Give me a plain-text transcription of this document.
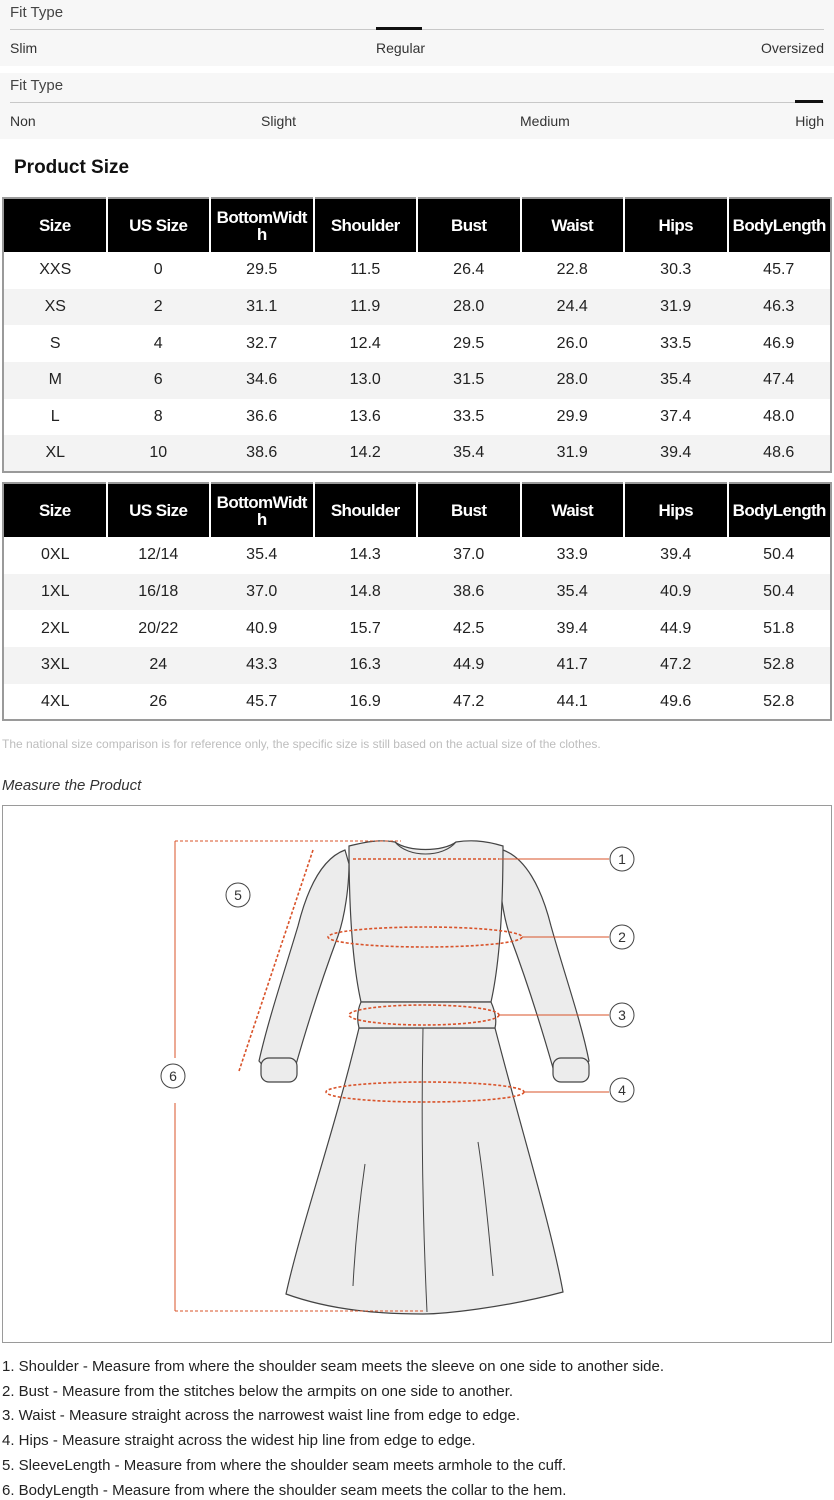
Fit Type
Slim	Regular	Oversized
Fit Type
Non	Slight	Medium	High
Product Size
Size	US Size	BottomWidth	Shoulder	Bust	Waist	Hips	BodyLength
XXS	0	29.5	11.5	26.4	22.8	30.3	45.7
XS	2	31.1	11.9	28.0	24.4	31.9	46.3
S	4	32.7	12.4	29.5	26.0	33.5	46.9
M	6	34.6	13.0	31.5	28.0	35.4	47.4
L	8	36.6	13.6	33.5	29.9	37.4	48.0
XL	10	38.6	14.2	35.4	31.9	39.4	48.6
Size	US Size	BottomWidth	Shoulder	Bust	Waist	Hips	BodyLength
0XL	12/14	35.4	14.3	37.0	33.9	39.4	50.4
1XL	16/18	37.0	14.8	38.6	35.4	40.9	50.4
2XL	20/22	40.9	15.7	42.5	39.4	44.9	51.8
3XL	24	43.3	16.3	44.9	41.7	47.2	52.8
4XL	26	45.7	16.9	47.2	44.1	49.6	52.8
The national size comparison is for reference only, the specific size is still based on the actual size of the clothes.
Measure the Product
1
2
3
4
5
6
1. Shoulder - Measure from where the shoulder seam meets the sleeve on one side to another side.
2. Bust - Measure from the stitches below the armpits on one side to another.
3. Waist - Measure straight across the narrowest waist line from edge to edge.
4. Hips - Measure straight across the widest hip line from edge to edge.
5. SleeveLength - Measure from where the shoulder seam meets armhole to the cuff.
6. BodyLength - Measure from where the shoulder seam meets the collar to the hem.
